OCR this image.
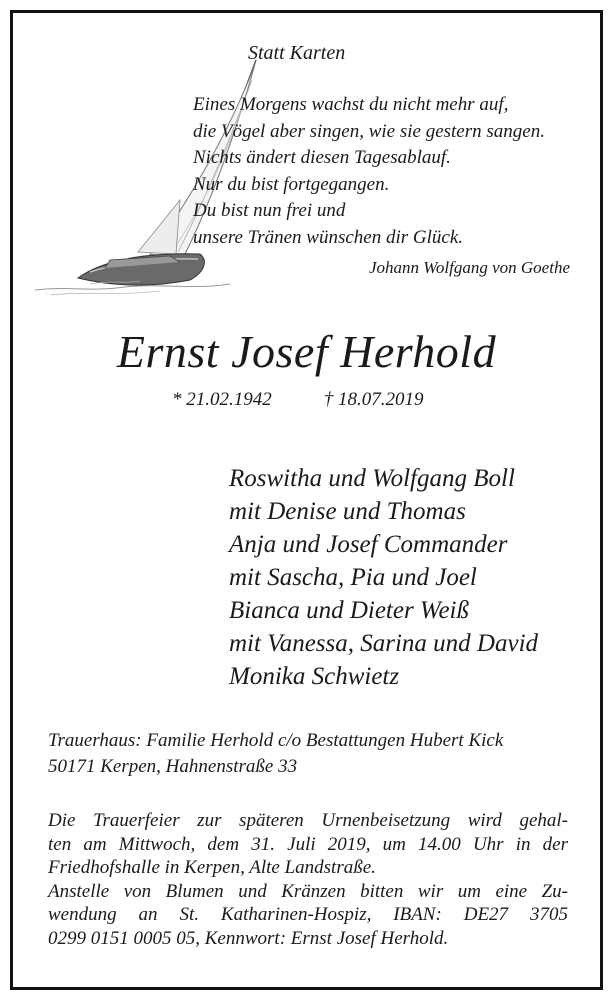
Statt Karten
Eines Morgens wachst du nicht mehr auf,
die Vögel aber singen, wie sie gestern sangen.
Nichts ändert diesen Tagesablauf.
Nur du bist fortgegangen.
Du bist nun frei und
unsere Tränen wünschen dir Glück.
Johann Wolfgang von Goethe
Ernst Josef Herhold
* 21.02.1942	† 18.07.2019
Roswitha und Wolfgang Boll
mit Denise und Thomas
Anja und Josef Commander
mit Sascha, Pia und Joel
Bianca und Dieter Weiß
mit Vanessa, Sarina und David
Monika Schwietz
Trauerhaus: Familie Herhold c/o Bestattungen Hubert Kick
50171 Kerpen, Hahnenstraße 33
Die Trauerfeier zur späteren Urnenbeisetzung wird gehal-
ten am Mittwoch, dem 31. Juli 2019, um 14.00 Uhr in der
Friedhofshalle in Kerpen, Alte Landstraße.
Anstelle von Blumen und Kränzen bitten wir um eine Zu-
wendung an St. Katharinen-Hospiz, IBAN: DE27 3705
0299 0151 0005 05, Kennwort: Ernst Josef Herhold.
